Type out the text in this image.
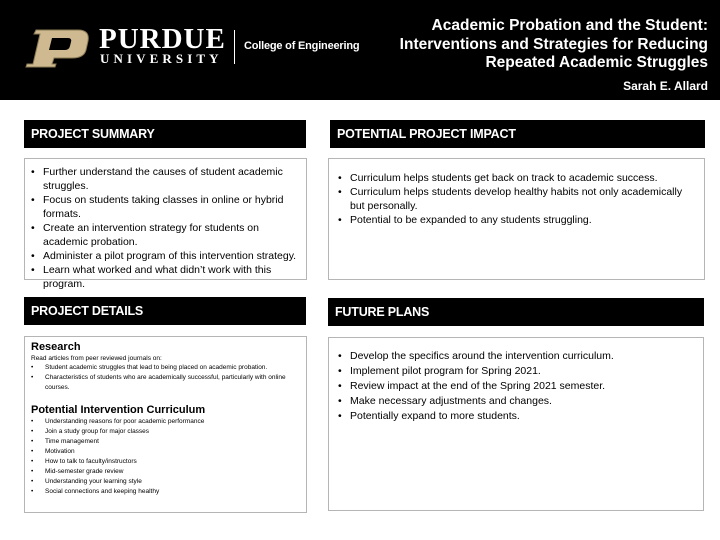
PURDUE
UNIVERSITY
College of Engineering
Academic Probation and the Student:
Interventions and Strategies for Reducing
Repeated Academic Struggles
Sarah E. Allard
PROJECT SUMMARY
• Further understand the causes of student academic struggles.
• Focus on students taking classes in online or hybrid formats.
• Create an intervention strategy for students on academic probation.
• Administer a pilot program of this intervention strategy.
• Learn what worked and what didn’t work with this program.
POTENTIAL PROJECT IMPACT
• Curriculum helps students get back on track to academic success.
• Curriculum helps students develop healthy habits not only academically but personally.
• Potential to be expanded to any students struggling.
PROJECT DETAILS
Research
Read articles from peer reviewed journals on:
• Student academic struggles that lead to being placed on academic probation.
• Characteristics of students who are academically successful, particularly with online courses.
Potential Intervention Curriculum
• Understanding reasons for poor academic performance
• Join a study group for major classes
• Time management
• Motivation
• How to talk to faculty/instructors
• Mid-semester grade review
• Understanding your learning style
• Social connections and keeping healthy
FUTURE PLANS
• Develop the specifics around the intervention curriculum.
• Implement pilot program for Spring 2021.
• Review impact at the end of the Spring 2021 semester.
• Make necessary adjustments and changes.
• Potentially expand to more students.
